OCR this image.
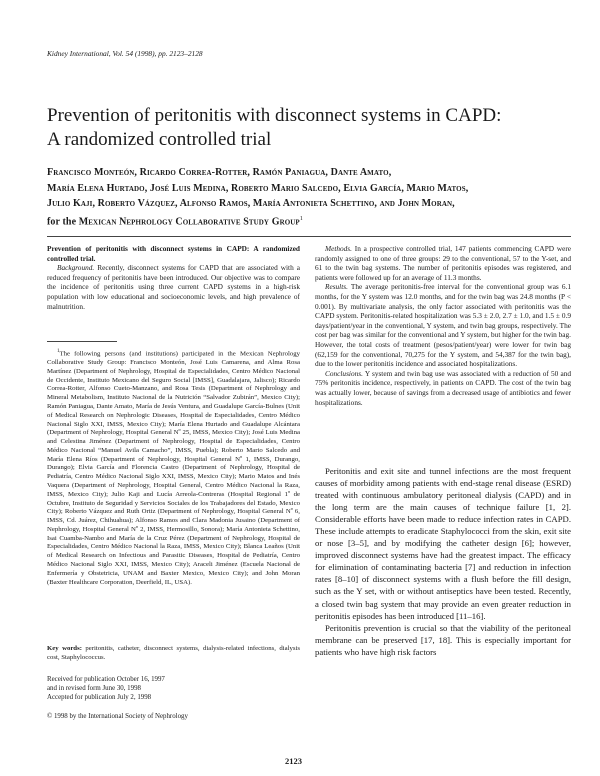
Kidney International, Vol. 54 (1998), pp. 2123–2128
Prevention of peritonitis with disconnect systems in CAPD:
A randomized controlled trial
Francisco Monteón, Ricardo Correa-Rotter, Ramón Paniagua, Dante Amato,
María Elena Hurtado, José Luis Medina, Roberto Mario Salcedo, Elvia García, Mario Matos,
Julio Kaji, Roberto Vázquez, Alfonso Ramos, María Antonieta Schettino, and John Moran,
for the Mexican Nephrology Collaborative Study Group$^1$

Prevention of peritonitis with disconnect systems in CAPD: A randomized controlled trial.

Background. Recently, disconnect systems for CAPD that are associated with a reduced frequency of peritonitis have been introduced. Our objective was to compare the incidence of peritonitis using three current CAPD systems in a high-risk population with low educational and socioeconomic levels, and high prevalence of malnutrition.

$^1$The following persons (and institutions) participated in the Mexican Nephrology Collaborative Study Group: Francisco Monteón, José Luis Camarena, and Alma Rosa Martínez (Department of Nephrology, Hospital de Especialidades, Centro Médico Nacional de Occidente, Instituto Mexicano del Seguro Social [IMSS], Guadalajara, Jalisco); Ricardo Correa-Rotter, Alfonso Cueto-Manzano, and Rosa Tesis (Department of Nephrology and Mineral Metabolism, Instituto Nacional de la Nutrición “Salvador Zubirán”, Mexico City); Ramón Paniagua, Dante Amato, María de Jesús Ventura, and Guadalupe García-Bulnes (Unit of Medical Research on Nephrologic Diseases, Hospital de Especialidades, Centro Médico Nacional Siglo XXI, IMSS, Mexico City); María Elena Hurtado and Guadalupe Alcántara (Department of Nephrology, Hospital General Nº 25, IMSS, Mexico City); José Luis Medina and Celestina Jiménez (Department of Nephrology, Hospital de Especialidades, Centro Médico Nacional “Manuel Avila Camacho”, IMSS, Puebla); Roberto Mario Salcedo and María Elena Ríos (Department of Nephrology, Hospital General Nº 1, IMSS, Durango, Durango); Elvia García and Florencia Castro (Department of Nephrology, Hospital de Pediatría, Centro Médico Nacional Siglo XXI, IMSS, Mexico City); Mario Matos and Inés Vaquera (Department of Nephrology, Hospital General, Centro Médico Nacional la Raza, IMSS, Mexico City); Julio Kaji and Lucía Arreola-Contreras (Hospital Regional 1º de Octubre, Instituto de Seguridad y Servicios Sociales de los Trabajadores del Estado, Mexico City); Roberto Vázquez and Ruth Ortiz (Department of Nephrology, Hospital General Nº 6, IMSS, Cd. Juárez, Chihuahua); Alfonso Ramos and Clara Madonia Jusaino (Department of Nephrology, Hospital General Nº 2, IMSS, Hermosillo, Sonora); María Antonieta Schettino, Isai Cuamba-Nambo and María de la Cruz Pérez (Department of Nephrology, Hospital de Especialidades, Centro Médico Nacional la Raza, IMSS, Mexico City); Blanca Leaños (Unit of Medical Research on Infectious and Parasitic Diseases, Hospital de Pediatría, Centro Médico Nacional Siglo XXI, IMSS, Mexico City); Araceli Jiménez (Escuela Nacional de Enfermería y Obstetricia, UNAM and Baxter Mexico, Mexico City); and John Moran (Baxter Healthcare Corporation, Deerfield, IL, USA).

Key words: peritonitis, catheter, disconnect systems, dialysis-related infections, dialysis cost, Staphylococcus.

Received for publication October 16, 1997
and in revised form June 30, 1998
Accepted for publication July 2, 1998
© 1998 by the International Society of Nephrology

Methods. In a prospective controlled trial, 147 patients commencing CAPD were randomly assigned to one of three groups: 29 to the conventional, 57 to the Y-set, and 61 to the twin bag systems. The number of peritonitis episodes was registered, and patients were followed up for an average of 11.3 months.

Results. The average peritonitis-free interval for the conventional group was 6.1 months, for the Y system was 12.0 months, and for the twin bag was 24.8 months (P < 0.001). By multivariate analysis, the only factor associated with peritonitis was the CAPD system. Peritonitis-related hospitalization was 5.3 ± 2.0, 2.7 ± 1.0, and 1.5 ± 0.9 days/patient/year in the conventional, Y system, and twin bag groups, respectively. The cost per bag was similar for the conventional and Y system, but higher for the twin bag. However, the total costs of treatment (pesos/patient/year) were lower for twin bag (62,159 for the conventional, 70,275 for the Y system, and 54,387 for the twin bag), due to the lower peritonitis incidence and associated hospitalizations.

Conclusions. Y system and twin bag use was associated with a reduction of 50 and 75% peritonitis incidence, respectively, in patients on CAPD. The cost of the twin bag was actually lower, because of savings from a decreased usage of antibiotics and fewer hospitalizations.

Peritonitis and exit site and tunnel infections are the most frequent causes of morbidity among patients with end-stage renal disease (ESRD) treated with continuous ambulatory peritoneal dialysis (CAPD) and in the long term are the main causes of technique failure [1, 2]. Considerable efforts have been made to reduce infection rates in CAPD. These include attempts to eradicate Staphylococci from the skin, exit site or nose [3–5], and by modifying the catheter design [6]; however, improved disconnect systems have had the greatest impact. The efficacy for elimination of contaminating bacteria [7] and reduction in infection rates [8–10] of disconnect systems with a flush before the fill design, such as the Y set, with or without antiseptics have been tested. Recently, a closed twin bag system that may provide an even greater reduction in peritonitis episodes has been introduced [11–16].

Peritonitis prevention is crucial so that the viability of the peritoneal membrane can be preserved [17, 18]. This is especially important for patients who have high risk factors

2123
